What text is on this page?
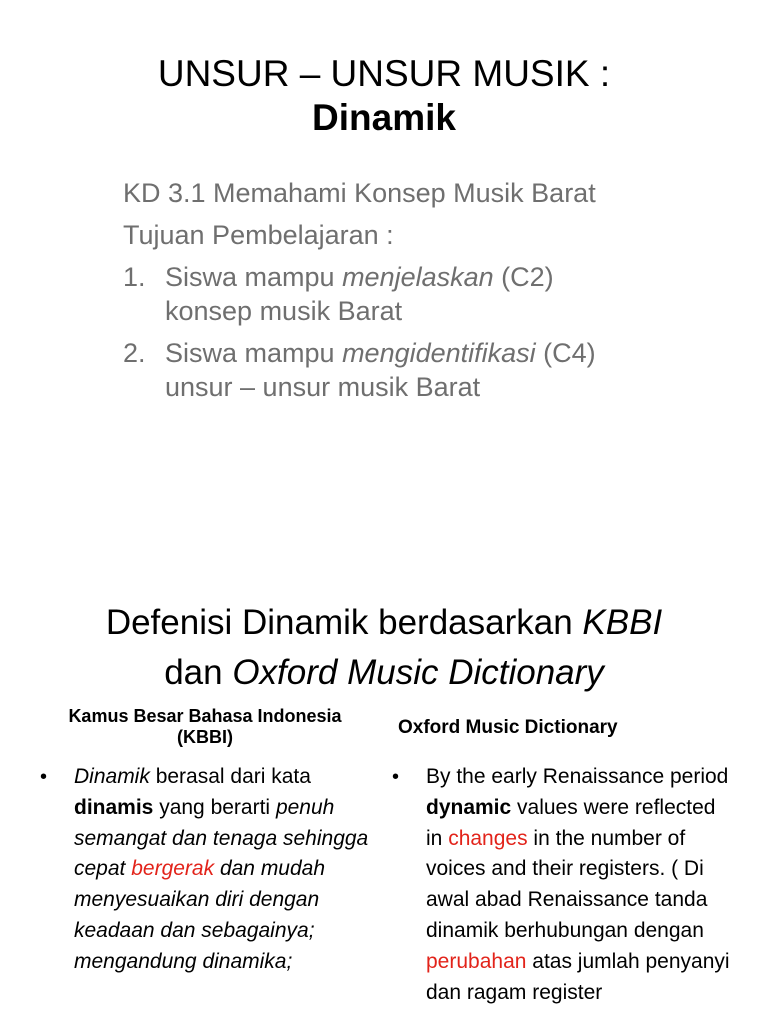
UNSUR – UNSUR MUSIK :
Dinamik

KD 3.1 Memahami Konsep Musik Barat

Tujuan Pembelajaran :

1. Siswa mampu menjelaskan (C2) konsep musik Barat
2. Siswa mampu mengidentifikasi (C4) unsur – unsur musik Barat
Defenisi Dinamik berdasarkan KBBI
dan Oxford Music Dictionary
Kamus Besar Bahasa Indonesia (KBBI)
•	Dinamik berasal dari kata dinamis yang berarti penuh semangat dan tenaga sehingga cepat bergerak dan mudah menyesuaikan diri dengan keadaan dan sebagainya; mengandung dinamika;
Oxford Music Dictionary
•	By the early Renaissance period dynamic values were reflected in changes in the number of voices and their registers. ( Di awal abad Renaissance tanda dinamik berhubungan dengan perubahan atas jumlah penyanyi dan ragam register
